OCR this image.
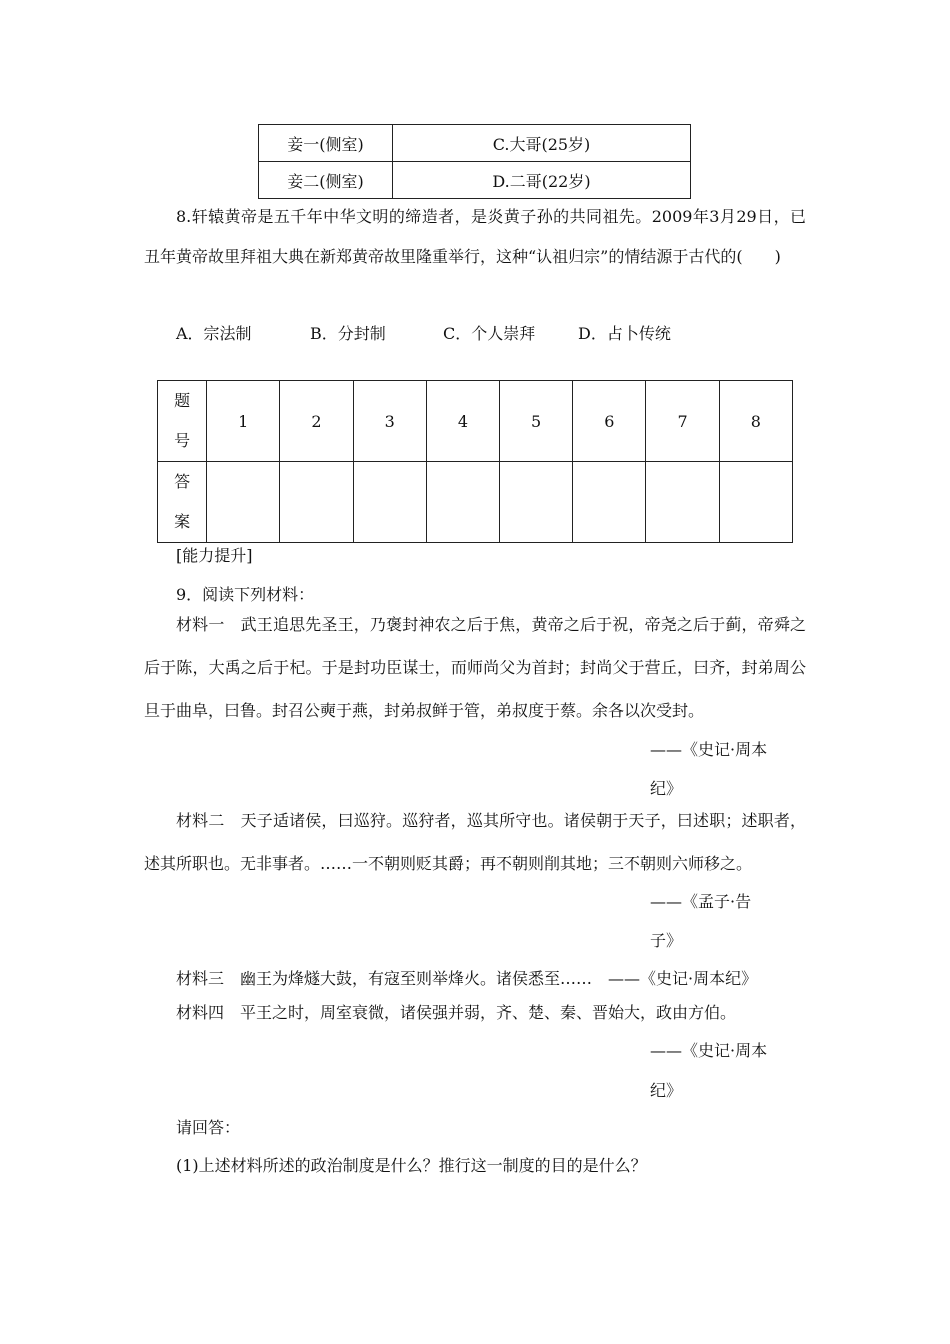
妾一(侧室)	C.大哥(25岁)
妾二(侧室)	D.二哥(22岁)
8.轩辕黄帝是五千年中华文明的缔造者，是炎黄子孙的共同祖先。2009年3月29日，已丑年黄帝故里拜祖大典在新郑黄帝故里隆重举行，这种“认祖归宗”的情结源于古代的(　　)
A．宗法制	B．分封制	C．个人崇拜	D．占卜传统
题号	1	2	3	4	5	6	7	8

答案								

[能力提升]
9．阅读下列材料：
材料一　武王追思先圣王，乃褒封神农之后于焦，黄帝之后于祝，帝尧之后于蓟，帝舜之后于陈，大禹之后于杞。于是封功臣谋士，而师尚父为首封；封尚父于营丘，曰齐，封弟周公旦于曲阜，曰鲁。封召公奭于燕，封弟叔鲜于管，弟叔度于蔡。余各以次受封。
——《史记·周本
纪》
材料二　天子适诸侯，曰巡狩。巡狩者，巡其所守也。诸侯朝于天子，曰述职；述职者，述其所职也。无非事者。……一不朝则贬其爵；再不朝则削其地；三不朝则六师移之。
——《孟子·告
子》
材料三　幽王为烽燧大鼓，有寇至则举烽火。诸侯悉至……　——《史记·周本纪》
材料四　平王之时，周室衰微，诸侯强并弱，齐、楚、秦、晋始大，政由方伯。
——《史记·周本
纪》
请回答：
(1)上述材料所述的政治制度是什么？推行这一制度的目的是什么？
